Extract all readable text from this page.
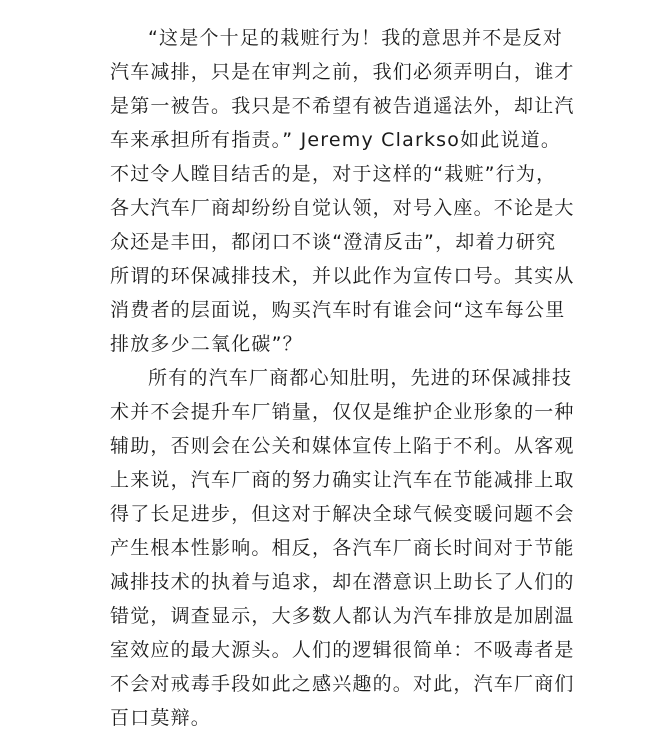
“这是个十足的栽赃行为！我的意思并不是反对
汽车减排，只是在审判之前，我们必须弄明白，谁才
是第一被告。我只是不希望有被告逍遥法外，却让汽
车来承担所有指责。” Jeremy Clarkso如此说道。
不过令人瞠目结舌的是，对于这样的“栽赃”行为，
各大汽车厂商却纷纷自觉认领，对号入座。不论是大
众还是丰田，都闭口不谈“澄清反击”，却着力研究
所谓的环保减排技术，并以此作为宣传口号。其实从
消费者的层面说，购买汽车时有谁会问“这车每公里
排放多少二氧化碳”？
所有的汽车厂商都心知肚明，先进的环保减排技
术并不会提升车厂销量，仅仅是维护企业形象的一种
辅助，否则会在公关和媒体宣传上陷于不利。从客观
上来说，汽车厂商的努力确实让汽车在节能减排上取
得了长足进步，但这对于解决全球气候变暖问题不会
产生根本性影响。相反，各汽车厂商长时间对于节能
减排技术的执着与追求，却在潜意识上助长了人们的
错觉，调查显示，大多数人都认为汽车排放是加剧温
室效应的最大源头。人们的逻辑很简单：不吸毒者是
不会对戒毒手段如此之感兴趣的。对此，汽车厂商们
百口莫辩。
